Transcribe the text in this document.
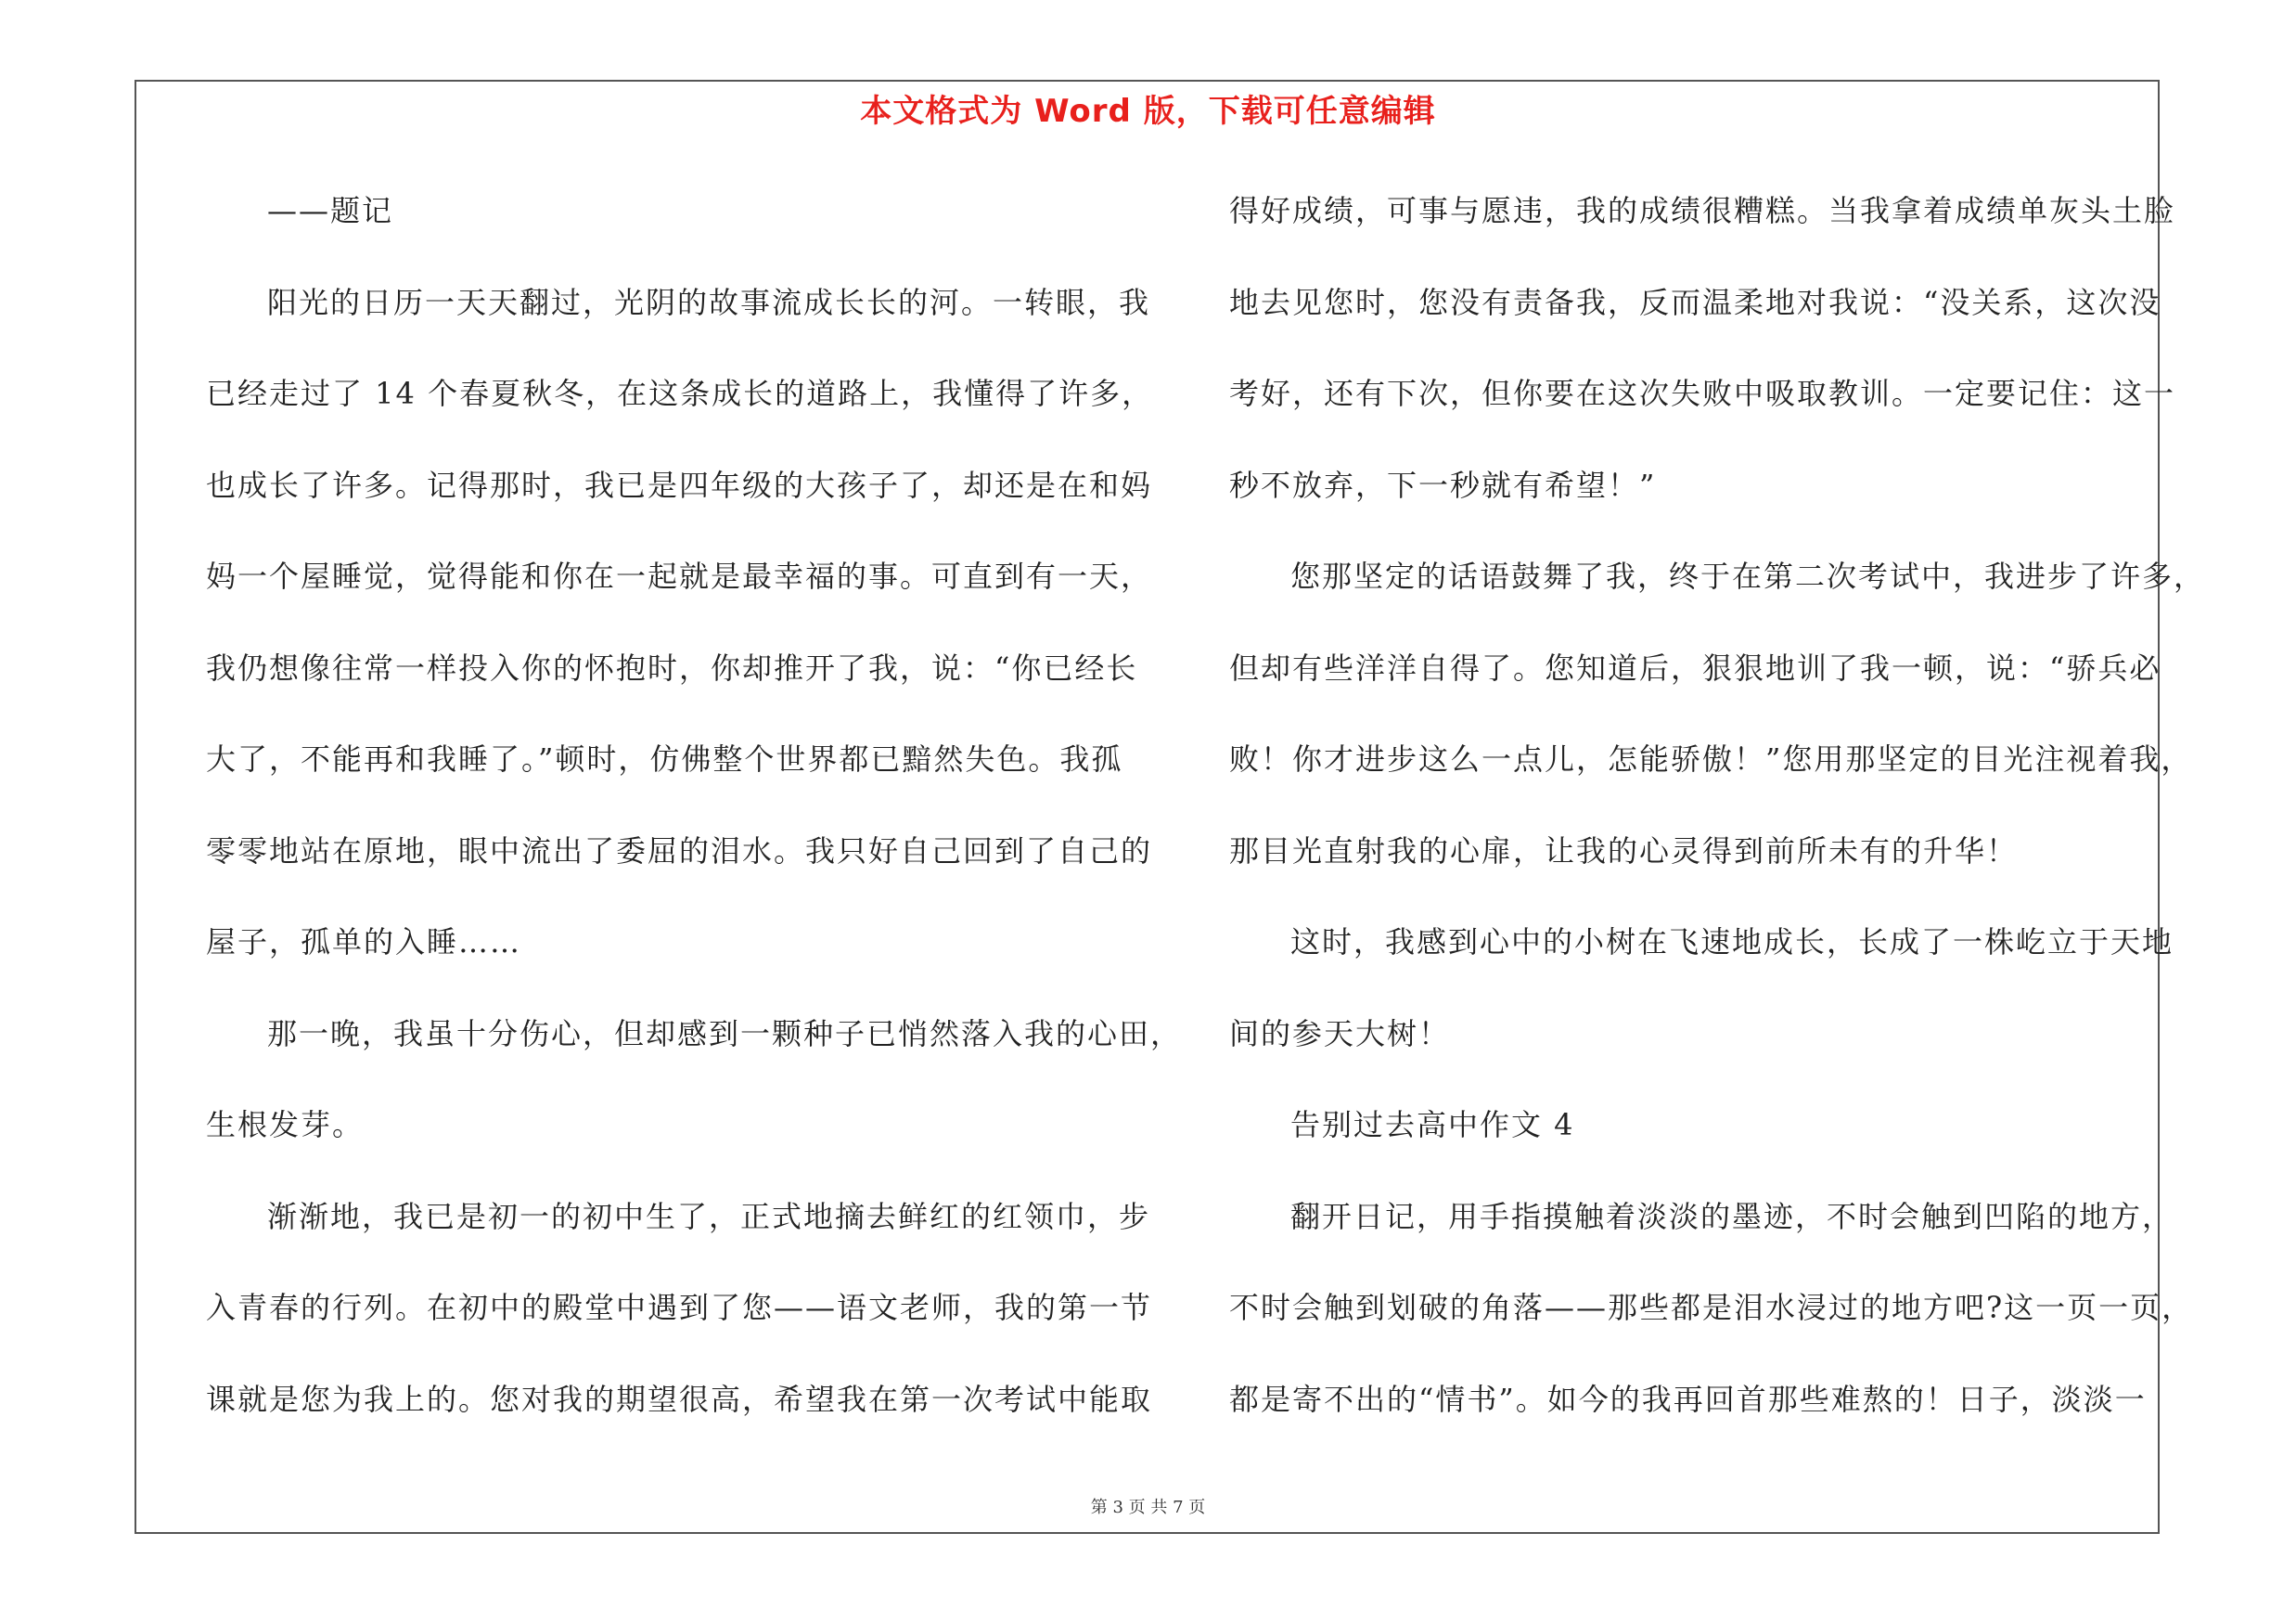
本文格式为 Word 版，下载可任意编辑
——题记
阳光的日历一天天翻过，光阴的故事流成长长的河。一转眼，我
已经走过了 14 个春夏秋冬，在这条成长的道路上，我懂得了许多，
也成长了许多。记得那时，我已是四年级的大孩子了，却还是在和妈
妈一个屋睡觉，觉得能和你在一起就是最幸福的事。可直到有一天，
我仍想像往常一样投入你的怀抱时，你却推开了我，说：“你已经长
大了，不能再和我睡了。”顿时，仿佛整个世界都已黯然失色。我孤
零零地站在原地，眼中流出了委屈的泪水。我只好自己回到了自己的
屋子，孤单的入睡……
那一晚，我虽十分伤心，但却感到一颗种子已悄然落入我的心田，
生根发芽。
渐渐地，我已是初一的初中生了，正式地摘去鲜红的红领巾，步
入青春的行列。在初中的殿堂中遇到了您——语文老师，我的第一节
课就是您为我上的。您对我的期望很高，希望我在第一次考试中能取
得好成绩，可事与愿违，我的成绩很糟糕。当我拿着成绩单灰头土脸
地去见您时，您没有责备我，反而温柔地对我说：“没关系，这次没
考好，还有下次，但你要在这次失败中吸取教训。一定要记住：这一
秒不放弃，下一秒就有希望！”
您那坚定的话语鼓舞了我，终于在第二次考试中，我进步了许多，
但却有些洋洋自得了。您知道后，狠狠地训了我一顿，说：“骄兵必
败！你才进步这么一点儿，怎能骄傲！”您用那坚定的目光注视着我，
那目光直射我的心扉，让我的心灵得到前所未有的升华！
这时，我感到心中的小树在飞速地成长，长成了一株屹立于天地
间的参天大树！
告别过去高中作文 4
翻开日记，用手指摸触着淡淡的墨迹，不时会触到凹陷的地方，
不时会触到划破的角落——那些都是泪水浸过的地方吧?这一页一页，
都是寄不出的“情书”。如今的我再回首那些难熬的！日子，淡淡一
第 3 页 共 7 页
